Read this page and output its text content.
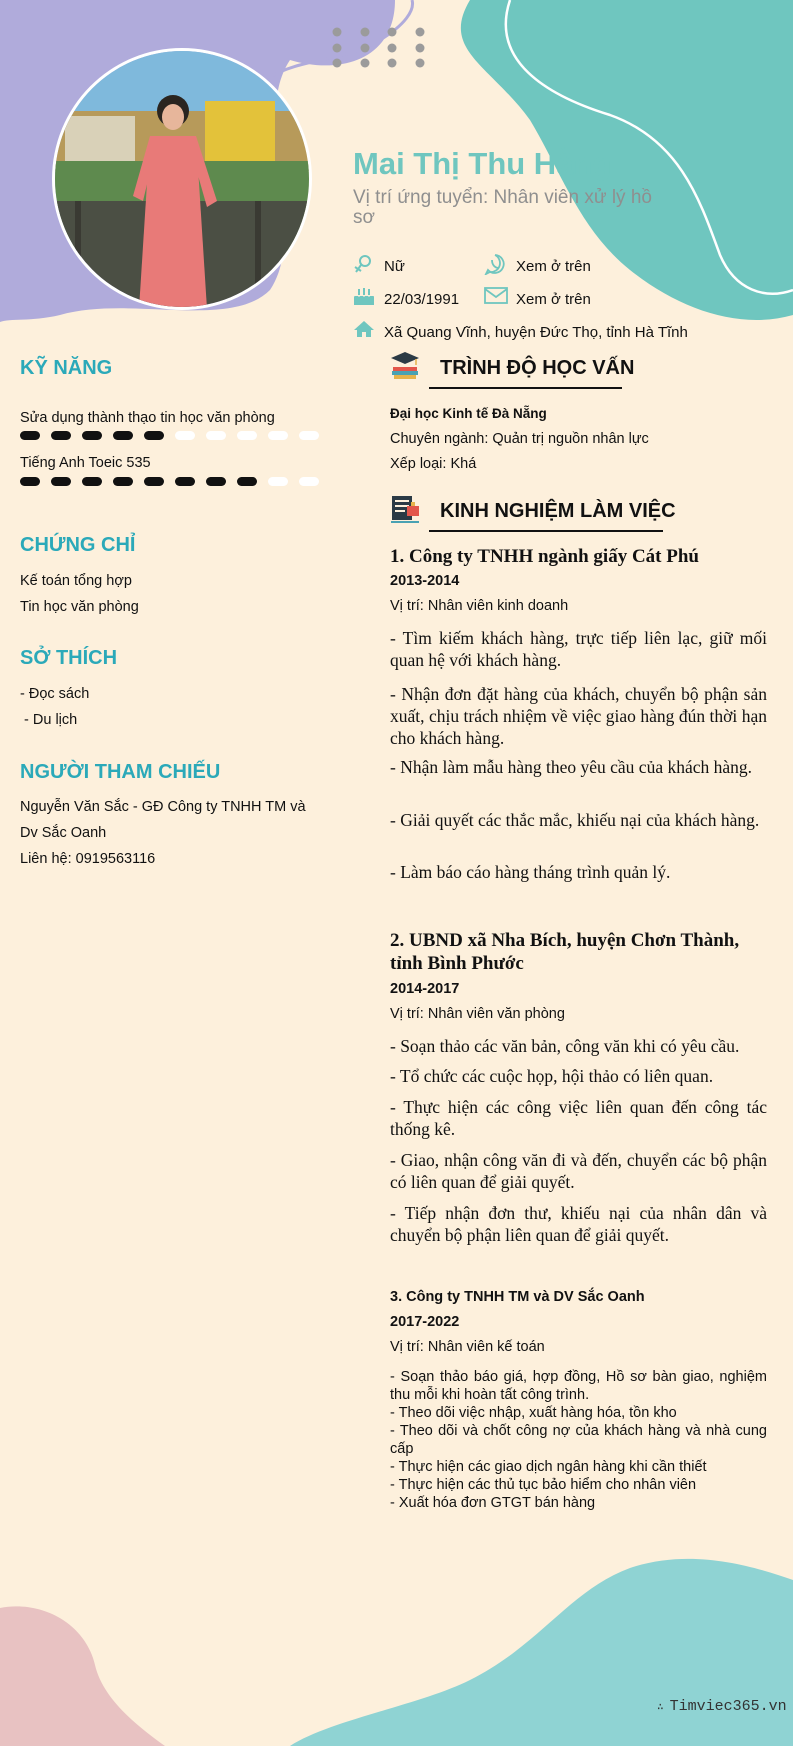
Mai Thị Thu Hằng
Vị trí ứng tuyển: Nhân viên xử lý hồ sơ
Nữ	Xem ở trên
22/03/1991	Xem ở trên
Xã Quang Vĩnh, huyện Đức Thọ, tỉnh Hà Tĩnh
KỸ NĂNG
Sửa dụng thành thạo tin học văn phòng
Tiếng Anh Toeic 535
CHỨNG CHỈ
Kế toán tổng hợp
Tin học văn phòng
SỞ THÍCH
- Đọc sách
- Du lịch
NGƯỜI THAM CHIẾU
Nguyễn Văn Sắc - GĐ Công ty TNHH TM và
Dv Sắc Oanh
Liên hệ: 0919563116
TRÌNH ĐỘ HỌC VẤN
Đại học Kinh tế Đà Nẵng
Chuyên ngành: Quản trị nguồn nhân lực
Xếp loại: Khá
KINH NGHIỆM LÀM VIỆC
1. Công ty TNHH ngành giấy Cát Phú
2013-2014
Vị trí: Nhân viên kinh doanh
- Tìm kiếm khách hàng, trực tiếp liên lạc, giữ mối quan hệ với khách hàng.
- Nhận đơn đặt hàng của khách, chuyển bộ phận sản xuất, chịu trách nhiệm về việc giao hàng đún thời hạn cho khách hàng.
- Nhận làm mẫu hàng theo yêu cầu của khách hàng.
- Giải quyết các thắc mắc, khiếu nại của khách hàng.
- Làm báo cáo hàng tháng trình quản lý.
2. UBND xã Nha Bích, huyện Chơn Thành, tỉnh Bình Phước
2014-2017
Vị trí: Nhân viên văn phòng
- Soạn thảo các văn bản, công văn khi có yêu cầu.
- Tổ chức các cuộc họp, hội thảo có liên quan.
- Thực hiện các công việc liên quan đến công tác thống kê.
- Giao, nhận công văn đi và đến, chuyển các bộ phận có liên quan để giải quyết.
- Tiếp nhận đơn thư, khiếu nại của nhân dân và chuyển bộ phận liên quan để giải quyết.
3. Công ty TNHH TM và DV Sắc Oanh
2017-2022
Vị trí: Nhân viên kế toán
- Soạn thảo báo giá, hợp đồng, Hồ sơ bàn giao, nghiệm thu mỗi khi hoàn tất công trình.
- Theo dõi việc nhập, xuất hàng hóa, tồn kho
- Theo dõi và chốt công nợ của khách hàng và nhà cung cấp
- Thực hiện các giao dịch ngân hàng khi cần thiết
- Thực hiện các thủ tục bảo hiểm cho nhân viên
- Xuất hóa đơn GTGT bán hàng
∴ Timviec365.vn
